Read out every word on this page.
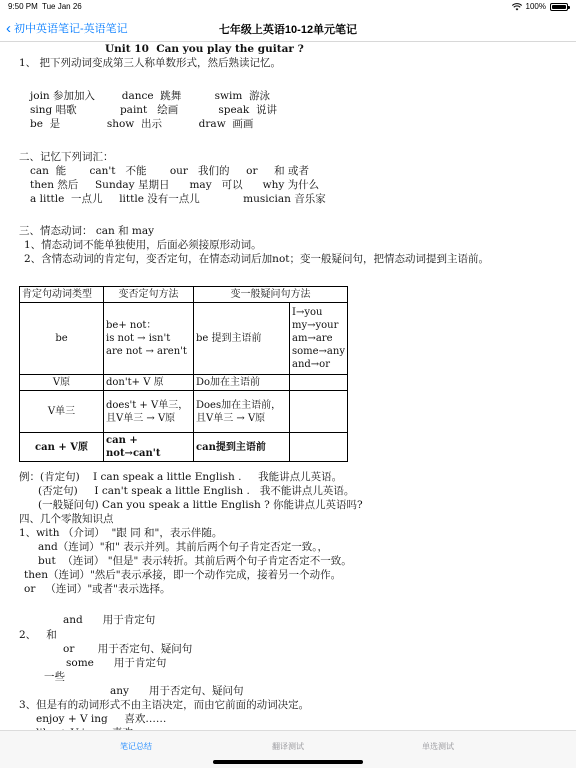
9:50 PM Tue Jan 26	100%
‹ 初中英语笔记-英语笔记	七年级上英语10-12单元笔记
Unit 10  Can you play the guitar ?
1、 把下列动词变成第三人称单数形式，然后熟读记忆。
join 参加加入        dance  跳舞          swim  游泳
sing 唱歌             paint   绘画            speak  说讲
be  是              show  出示           draw  画画
二、记忆下列词汇：
can  能       can't   不能       our   我们的     or     和 或者
then 然后     Sunday 星期日      may   可以      why 为什么
a little  一点儿     little 没有一点儿             musician 音乐家
三、情态动词： can 和 may
1、情态动词不能单独使用，后面必须接原形动词。
2、含情态动词的肯定句，变否定句，在情态动词后加not；变一般疑问句，把情态动词提到主语前。
肯定句动词类型	变否定句方法	变一般疑问句方法	
be	be+ not：
is not → isn't
are not → aren't	be 提到主语前	I→you
my→your
am→are
some→any
and→or
V原	don't+ V 原	Do加在主语前	
V单三	does't + V单三，
且V单三 → V原	Does加在主语前，
且V单三 → V原	
can + V原	can + not→can't	can提到主语前	
例：(肯定句)    I can speak a little English .     我能讲点儿英语。
(否定句)     I can't speak a little English .   我不能讲点儿英语。
(一般疑问句) Can you speak a little English ? 你能讲点儿英语吗?
四、几个零散知识点
1、with （介词）  "跟 同 和"，表示伴随。
and（连词）"和" 表示并列。其前后两个句子肯定否定一致。，
but  （连词） "但是" 表示转折。其前后两个句子肯定否定不一致。
then（连词）"然后"表示承接，即一个动作完成，接着另一个动作。
or   （连词）"或者"表示选择。
and      用于肯定句
2、   和
or       用于否定句、疑问句
some      用于肯定句
一些
any      用于否定句、疑问句
3、但是有的动词形式不由主语决定，而由它前面的动词决定。
enjoy + V ing     喜欢……
笔记总结	翻译测试	单选测试
